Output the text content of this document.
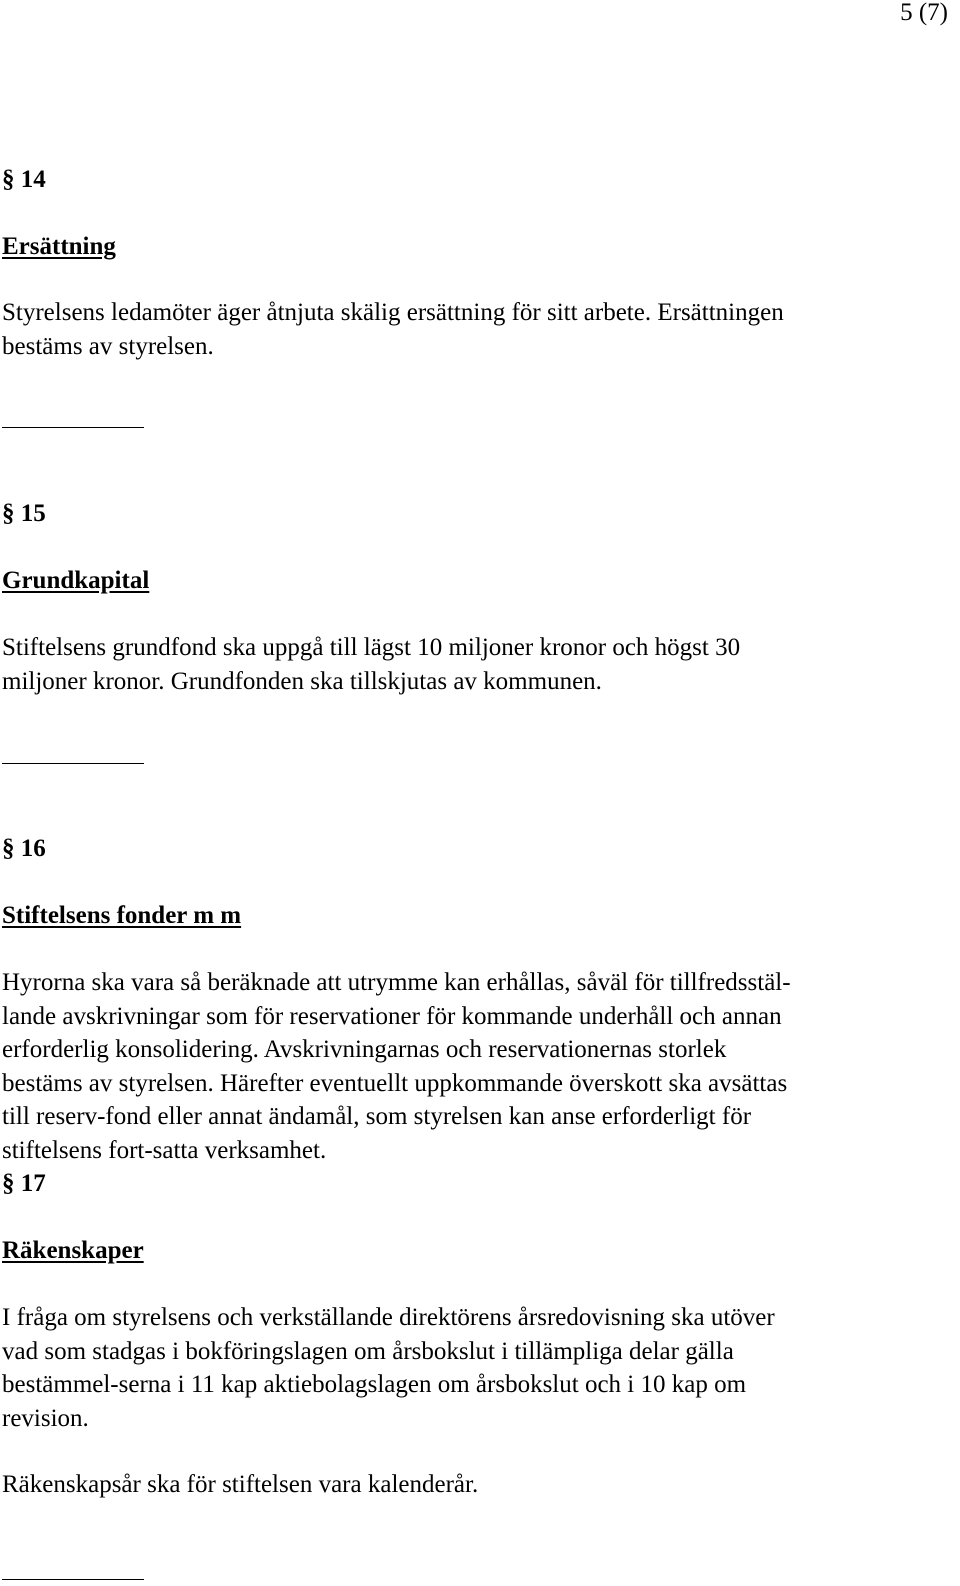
5 (7)
§ 14
Ersättning
Styrelsens ledamöter äger åtnjuta skälig ersättning för sitt arbete. Ersättningen
bestäms av styrelsen.
§ 15
Grundkapital
Stiftelsens grundfond ska uppgå till lägst 10 miljoner kronor och högst 30
miljoner kronor. Grundfonden ska tillskjutas av kommunen.
§ 16
Stiftelsens fonder m m
Hyrorna ska vara så beräknade att utrymme kan erhållas, såväl för tillfredsstäl-
lande avskrivningar som för reservationer för kommande underhåll och annan
erforderlig konsolidering. Avskrivningarnas och reservationernas storlek
bestäms av styrelsen. Härefter eventuellt uppkommande överskott ska avsättas
till reserv-fond eller annat ändamål, som styrelsen kan anse erforderligt för
stiftelsens fort-satta verksamhet.
§ 17
Räkenskaper
I fråga om styrelsens och verkställande direktörens årsredovisning ska utöver
vad som stadgas i bokföringslagen om årsbokslut i tillämpliga delar gälla
bestämmel-serna i 11 kap aktiebolagslagen om årsbokslut och i 10 kap om
revision.
Räkenskapsår ska för stiftelsen vara kalenderår.
